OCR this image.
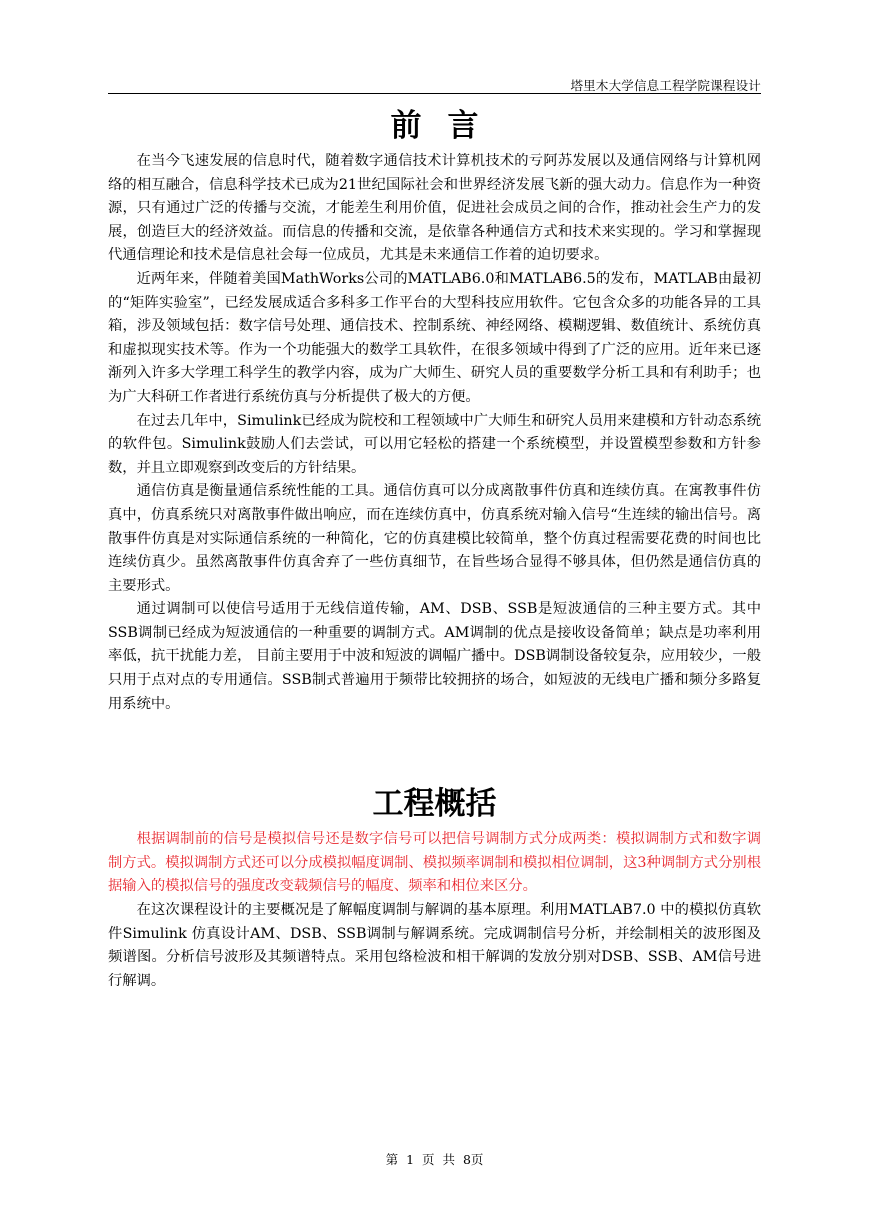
塔里木大学信息工程学院课程设计
前言

在当今飞速发展的信息时代，随着数字通信技术计算机技术的亏阿苏发展以及通信网络与计算机网络的相互融合，信息科学技术已成为21世纪国际社会和世界经济发展飞新的强大动力。信息作为一种资源，只有通过广泛的传播与交流，才能差生利用价值，促进社会成员之间的合作，推动社会生产力的发展，创造巨大的经济效益。而信息的传播和交流，是依靠各种通信方式和技术来实现的。学习和掌握现代通信理论和技术是信息社会每一位成员，尤其是未来通信工作着的迫切要求。

近两年来，伴随着美国MathWorks公司的MATLAB6.0和MATLAB6.5的发布，MATLAB由最初的“矩阵实验室”，已经发展成适合多科多工作平台的大型科技应用软件。它包含众多的功能各异的工具箱，涉及领域包括：数字信号处理、通信技术、控制系统、神经网络、模糊逻辑、数值统计、系统仿真和虚拟现实技术等。作为一个功能强大的数学工具软件，在很多领域中得到了广泛的应用。近年来已逐渐列入许多大学理工科学生的教学内容，成为广大师生、研究人员的重要数学分析工具和有利助手；也为广大科研工作者进行系统仿真与分析提供了极大的方便。

在过去几年中，Simulink已经成为院校和工程领域中广大师生和研究人员用来建模和方针动态系统的软件包。Simulink鼓励人们去尝试，可以用它轻松的搭建一个系统模型，并设置模型参数和方针参数，并且立即观察到改变后的方针结果。

通信仿真是衡量通信系统性能的工具。通信仿真可以分成离散事件仿真和连续仿真。在寓教事件仿真中，仿真系统只对离散事件做出响应，而在连续仿真中，仿真系统对输入信号“生连续的输出信号。离散事件仿真是对实际通信系统的一种简化，它的仿真建模比较简单，整个仿真过程需要花费的时间也比连续仿真少。虽然离散事件仿真舍弃了一些仿真细节，在旨些场合显得不够具体，但仍然是通信仿真的主要形式。

通过调制可以使信号适用于无线信道传输，AM、DSB、SSB是短波通信的三种主要方式。其中SSB调制已经成为短波通信的一种重要的调制方式。AM调制的优点是接收设备简单；缺点是功率利用率低，抗干扰能力差， 目前主要用于中波和短波的调幅广播中。DSB调制设备较复杂，应用较少，一般只用于点对点的专用通信。SSB制式普遍用于频带比较拥挤的场合，如短波的无线电广播和频分多路复用系统中。

工程概括

根据调制前的信号是模拟信号还是数字信号可以把信号调制方式分成两类：模拟调制方式和数字调制方式。模拟调制方式还可以分成模拟幅度调制、模拟频率调制和模拟相位调制，这3种调制方式分别根据输入的模拟信号的强度改变载频信号的幅度、频率和相位来区分。

在这次课程设计的主要概况是了解幅度调制与解调的基本原理。利用MATLAB7.0 中的模拟仿真软件Simulink 仿真设计AM、DSB、SSB调制与解调系统。完成调制信号分析，并绘制相关的波形图及频谱图。分析信号波形及其频谱特点。采用包络检波和相干解调的发放分别对DSB、SSB、AM信号进行解调。

第 1 页 共 8页
